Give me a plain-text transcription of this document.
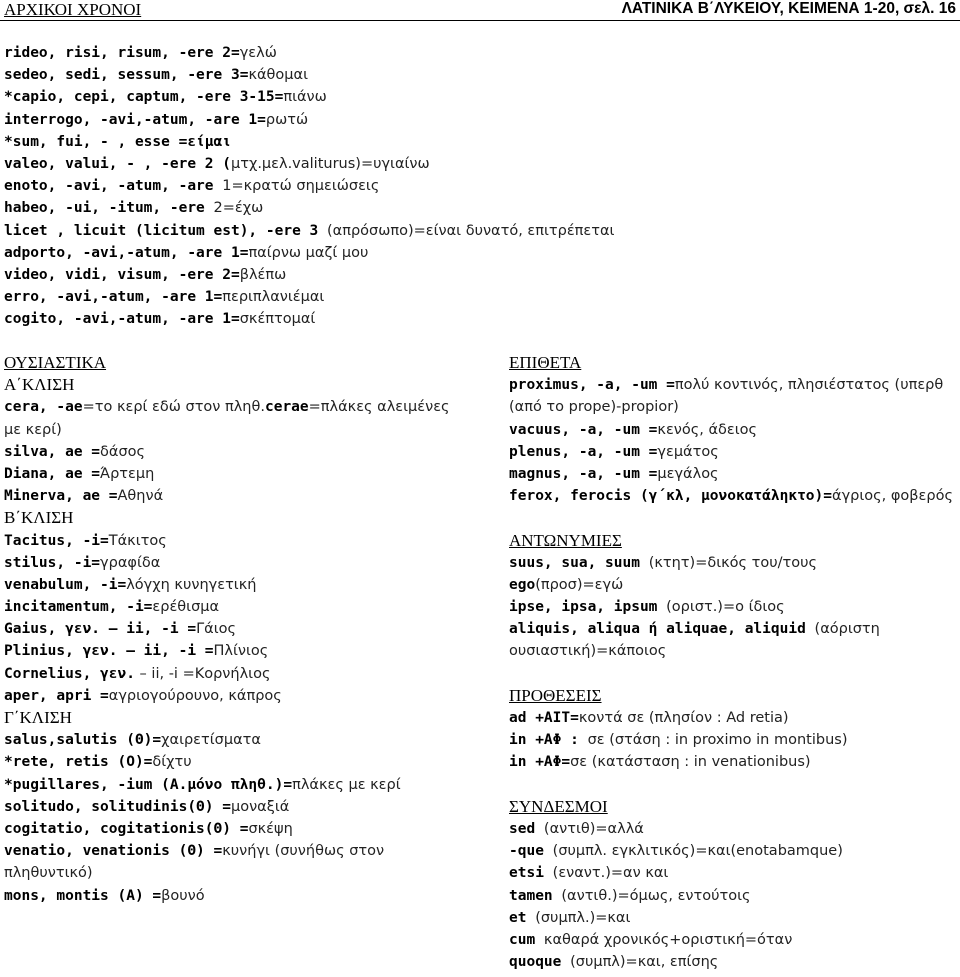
ΑΡΧΙΚΟΙ ΧΡΟΝΟΙ	ΛΑΤΙΝΙΚΑ Β΄ΛΥΚΕΙΟΥ, ΚΕΙΜΕΝΑ 1-20, σελ. 16
rideo, risi, risum, -ere 2=γελώ
sedeo, sedi, sessum, -ere 3=κάθομαι
*capio, cepi, captum, -ere 3-15=πιάνω
interrogo, -avi,-atum, -are 1=ρωτώ
*sum, fui, - , esse =είμαι
valeo, valui, - , -ere 2 (μτχ.μελ.valiturus)=υγιαίνω
enoto, -avi, -atum, -are 1=κρατώ σημειώσεις
habeo, -ui, -itum, -ere 2=έχω
licet , licuit (licitum est), -ere 3 (απρόσωπο)=είναι δυνατό, επιτρέπεται
adporto, -avi,-atum, -are 1=παίρνω μαζί μου
video, vidi, visum, -ere 2=βλέπω
erro, -avi,-atum, -are 1=περιπλανιέμαι
cogito, -avi,-atum, -are 1=σκέπτομαί
ΟΥΣΙΑΣΤΙΚΑ
Α΄ΚΛΙΣΗ
cera, -ae=το κερί εδώ στον πληθ.cerae=πλάκες αλειμένες
με κερί)
silva, ae =δάσος
Diana, ae =Άρτεμη
Minerva, ae =Αθηνά
Β΄ΚΛΙΣΗ
Tacitus, -i=Τάκιτος
stilus, -i=γραφίδα
venabulum, -i=λόγχη κυνηγετική
incitamentum, -i=ερέθισμα
Gaius, γεν. – ii, -i =Γάιος
Plinius, γεν. – ii, -i =Πλίνιος
Cornelius, γεν. – ii, -i =Κορνήλιος
aper, apri =αγριογούρουνο, κάπρος
Γ΄ΚΛΙΣΗ
salus,salutis (Θ)=χαιρετίσματα
*rete, retis (Ο)=δίχτυ
*pugillares, -ium (Α.μόνο πληθ.)=πλάκες με κερί
solitudo, solitudinis(Θ) =μοναξιά
cogitatio, cogitationis(Θ) =σκέψη
venatio, venationis (Θ) =κυνήγι (συνήθως στον
πληθυντικό)
mons, montis (Α) =βουνό
ΕΠΙΘΕΤΑ
proximus, -a, -um =πολύ κοντινός, πλησιέστατος (υπερθ
(από το prope)-propior)
vacuus, -a, -um =κενός, άδειος
plenus, -a, -um =γεμάτος
magnus, -a, -um =μεγάλος
ferox, ferocis (γ΄κλ, μονοκατάληκτο)=άγριος, φοβερός
ΑΝΤΩΝΥΜΙΕΣ
suus, sua, suum (κτητ)=δικός του/τους
ego(προσ)=εγώ
ipse, ipsa, ipsum (οριστ.)=ο ίδιος
aliquis, aliqua ή aliquae, aliquid (αόριστη
ουσιαστική)=κάποιος
ΠΡΟΘΕΣΕΙΣ
ad +ΑΙΤ=κοντά σε (πλησίον : Ad retia)
in +ΑΦ : σε (στάση : in proximo in montibus)
in +ΑΦ=σε (κατάσταση : in venationibus)
ΣΥΝΔΕΣΜΟΙ
sed (αντιθ)=αλλά
-que (συμπλ. εγκλιτικός)=και(enotabamque)
etsi (εναντ.)=αν και
tamen (αντιθ.)=όμως, εντούτοις
et (συμπλ.)=και
cum καθαρά χρονικός+οριστική=όταν
quoque (συμπλ)=και, επίσης
